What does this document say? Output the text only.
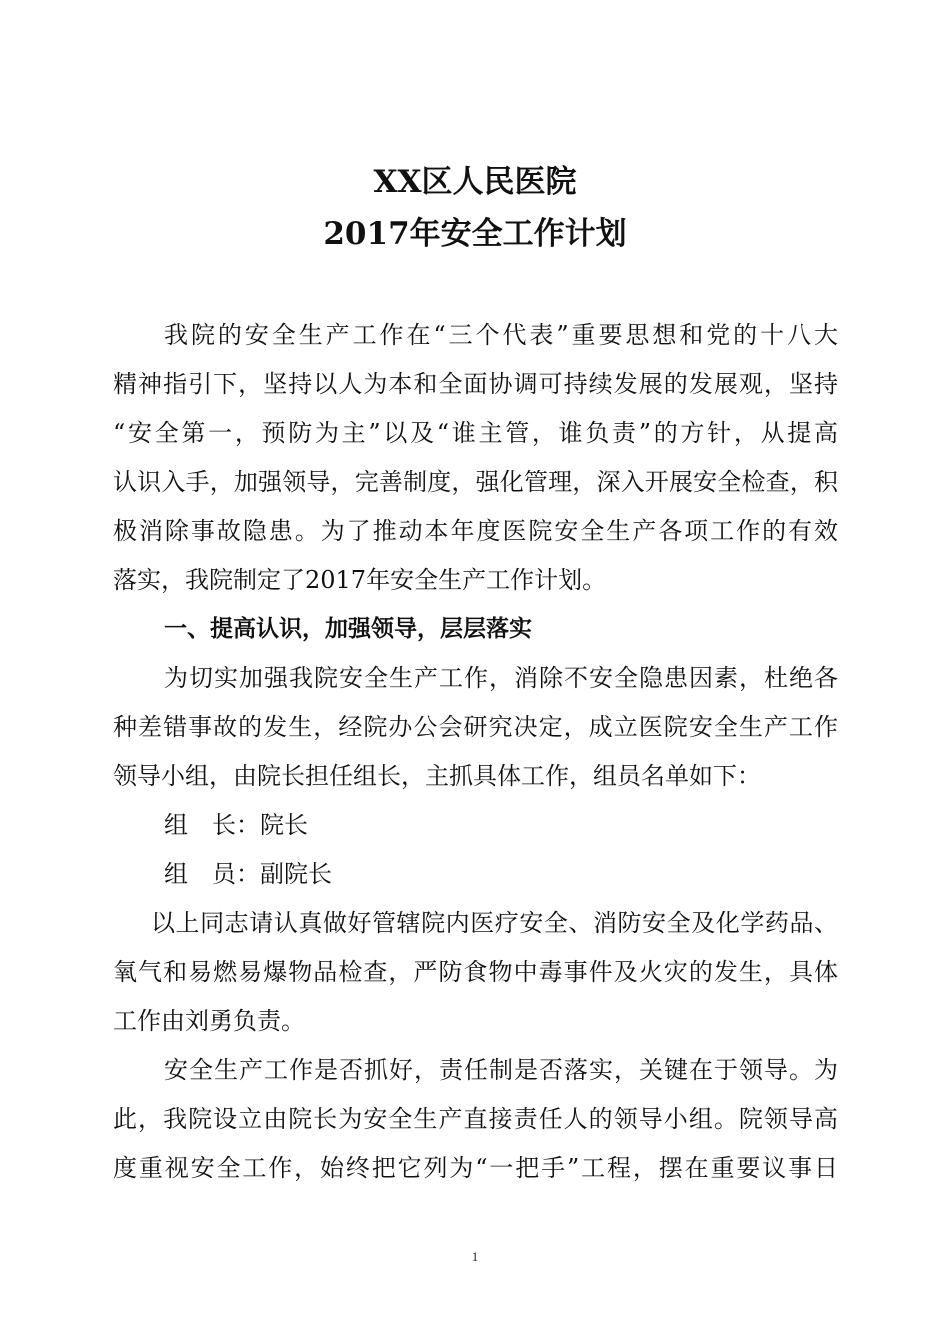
XX区人民医院
2017年安全工作计划
我院的安全生产工作在“三个代表”重要思想和党的十八大
精神指引下，坚持以人为本和全面协调可持续发展的发展观，坚持
“安全第一，预防为主”以及“谁主管，谁负责”的方针，从提高
认识入手，加强领导，完善制度，强化管理，深入开展安全检查，积
极消除事故隐患。为了推动本年度医院安全生产各项工作的有效
落实，我院制定了2017年安全生产工作计划。
一、提高认识，加强领导，层层落实
为切实加强我院安全生产工作，消除不安全隐患因素，杜绝各
种差错事故的发生，经院办公会研究决定，成立医院安全生产工作
领导小组，由院长担任组长，主抓具体工作，组员名单如下：
组　长：院长
组　员：副院长
以上同志请认真做好管辖院内医疗安全、消防安全及化学药品、
氧气和易燃易爆物品检查，严防食物中毒事件及火灾的发生，具体
工作由刘勇负责。
安全生产工作是否抓好，责任制是否落实，关键在于领导。为
此，我院设立由院长为安全生产直接责任人的领导小组。院领导高
度重视安全工作，始终把它列为“一把手”工程，摆在重要议事日
1
